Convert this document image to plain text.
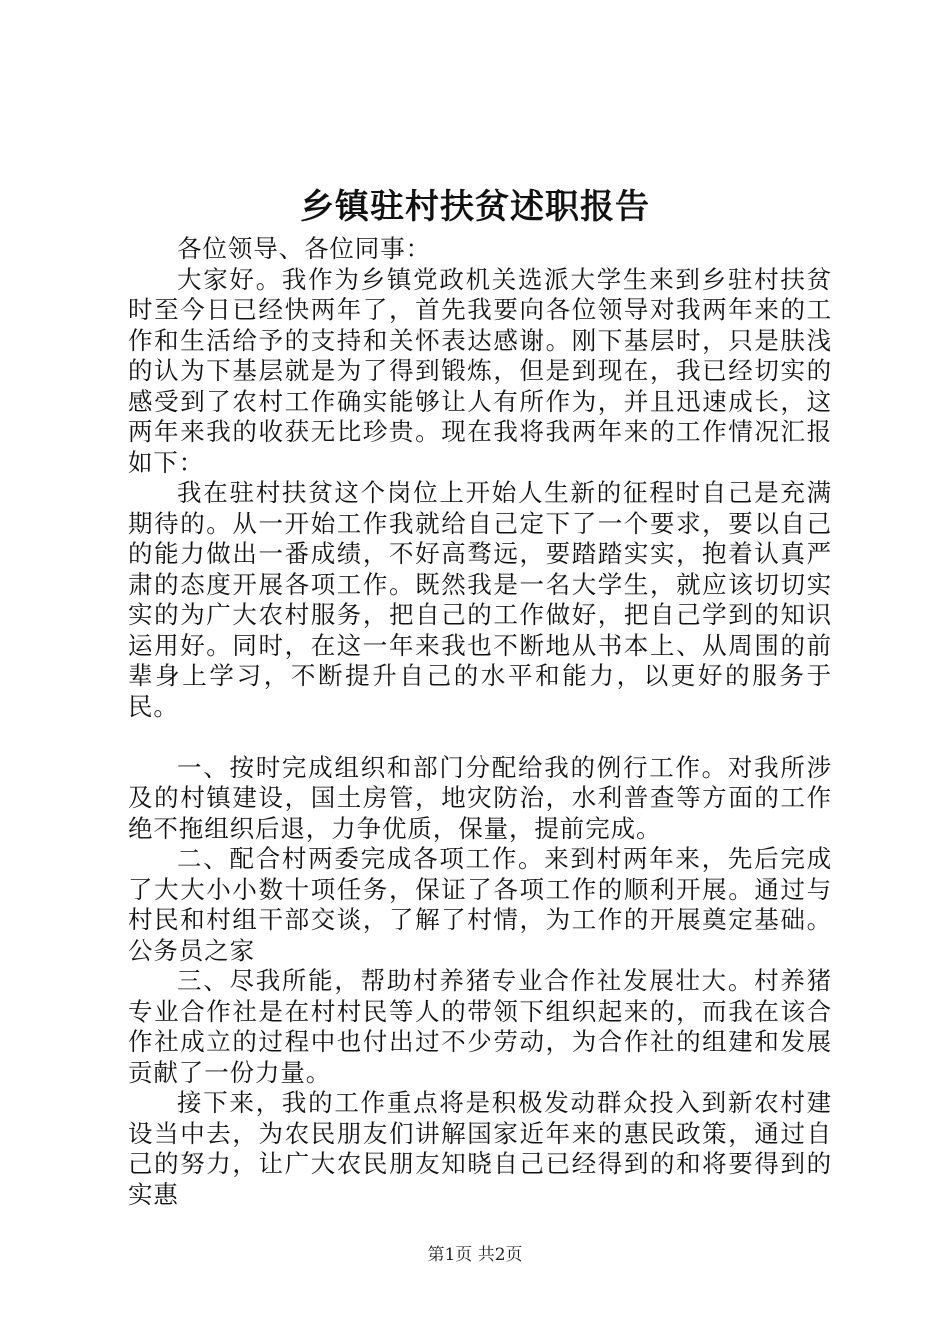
乡镇驻村扶贫述职报告

各位领导、各位同事：

大家好。我作为乡镇党政机关选派大学生来到乡驻村扶贫时至今日已经快两年了，首先我要向各位领导对我两年来的工作和生活给予的支持和关怀表达感谢。刚下基层时，只是肤浅的认为下基层就是为了得到锻炼，但是到现在，我已经切实的感受到了农村工作确实能够让人有所作为，并且迅速成长，这两年来我的收获无比珍贵。现在我将我两年来的工作情况汇报如下：

我在驻村扶贫这个岗位上开始人生新的征程时自己是充满期待的。从一开始工作我就给自己定下了一个要求，要以自己的能力做出一番成绩，不好高骛远，要踏踏实实，抱着认真严肃的态度开展各项工作。既然我是一名大学生，就应该切切实实的为广大农村服务，把自己的工作做好，把自己学到的知识运用好。同时，在这一年来我也不断地从书本上、从周围的前辈身上学习，不断提升自己的水平和能力，以更好的服务于民。

一、按时完成组织和部门分配给我的例行工作。对我所涉及的村镇建设，国土房管，地灾防治，水利普查等方面的工作绝不拖组织后退，力争优质，保量，提前完成。

二、配合村两委完成各项工作。来到村两年来，先后完成了大大小小数十项任务，保证了各项工作的顺利开展。通过与村民和村组干部交谈，了解了村情，为工作的开展奠定基础。公务员之家

三、尽我所能，帮助村养猪专业合作社发展壮大。村养猪专业合作社是在村村民等人的带领下组织起来的，而我在该合作社成立的过程中也付出过不少劳动，为合作社的组建和发展贡献了一份力量。

接下来，我的工作重点将是积极发动群众投入到新农村建设当中去，为农民朋友们讲解国家近年来的惠民政策，通过自己的努力，让广大农民朋友知晓自己已经得到的和将要得到的实惠

第1页 共2页
